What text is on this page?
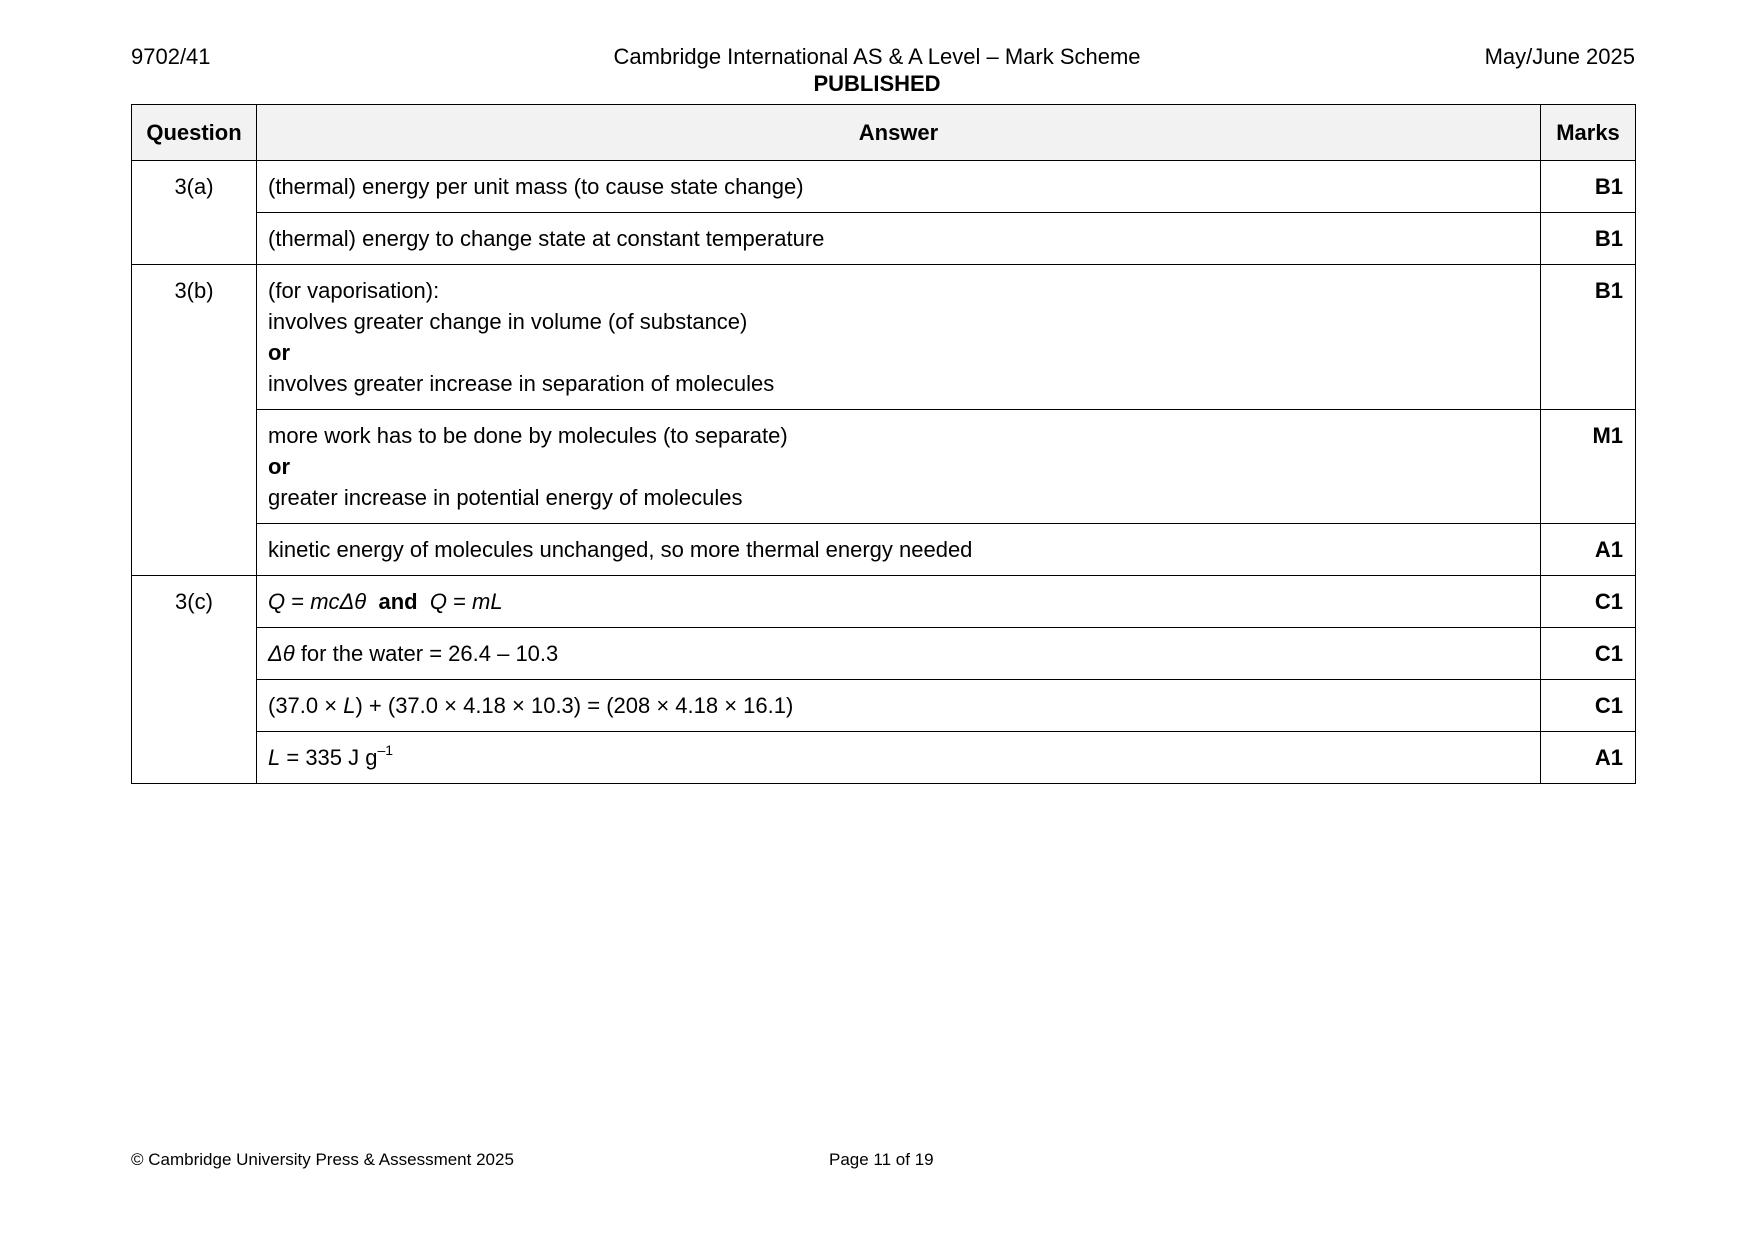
9702/41	Cambridge International AS & A Level – Mark Scheme
PUBLISHED
May/June 2025
Question	Answer	Marks
3(a)	(thermal) energy per unit mass (to cause state change)	B1
	(thermal) energy to change state at constant temperature	B1
3(b)	(for vaporisation):
involves greater change in volume (of substance)
or
involves greater increase in separation of molecules	B1

	more work has to be done by molecules (to separate)
or
greater increase in potential energy of molecules	M1
	kinetic energy of molecules unchanged, so more thermal energy needed	A1
3(c)	Q = mcΔθ and Q = mL	C1
	Δθ for the water = 26.4 – 10.3	C1
	(37.0 × L) + (37.0 × 4.18 × 10.3) = (208 × 4.18 × 16.1)	C1
	L = 335 J $g^{-1}$	A1
© Cambridge University Press & Assessment 2025	Page 11 of 19
